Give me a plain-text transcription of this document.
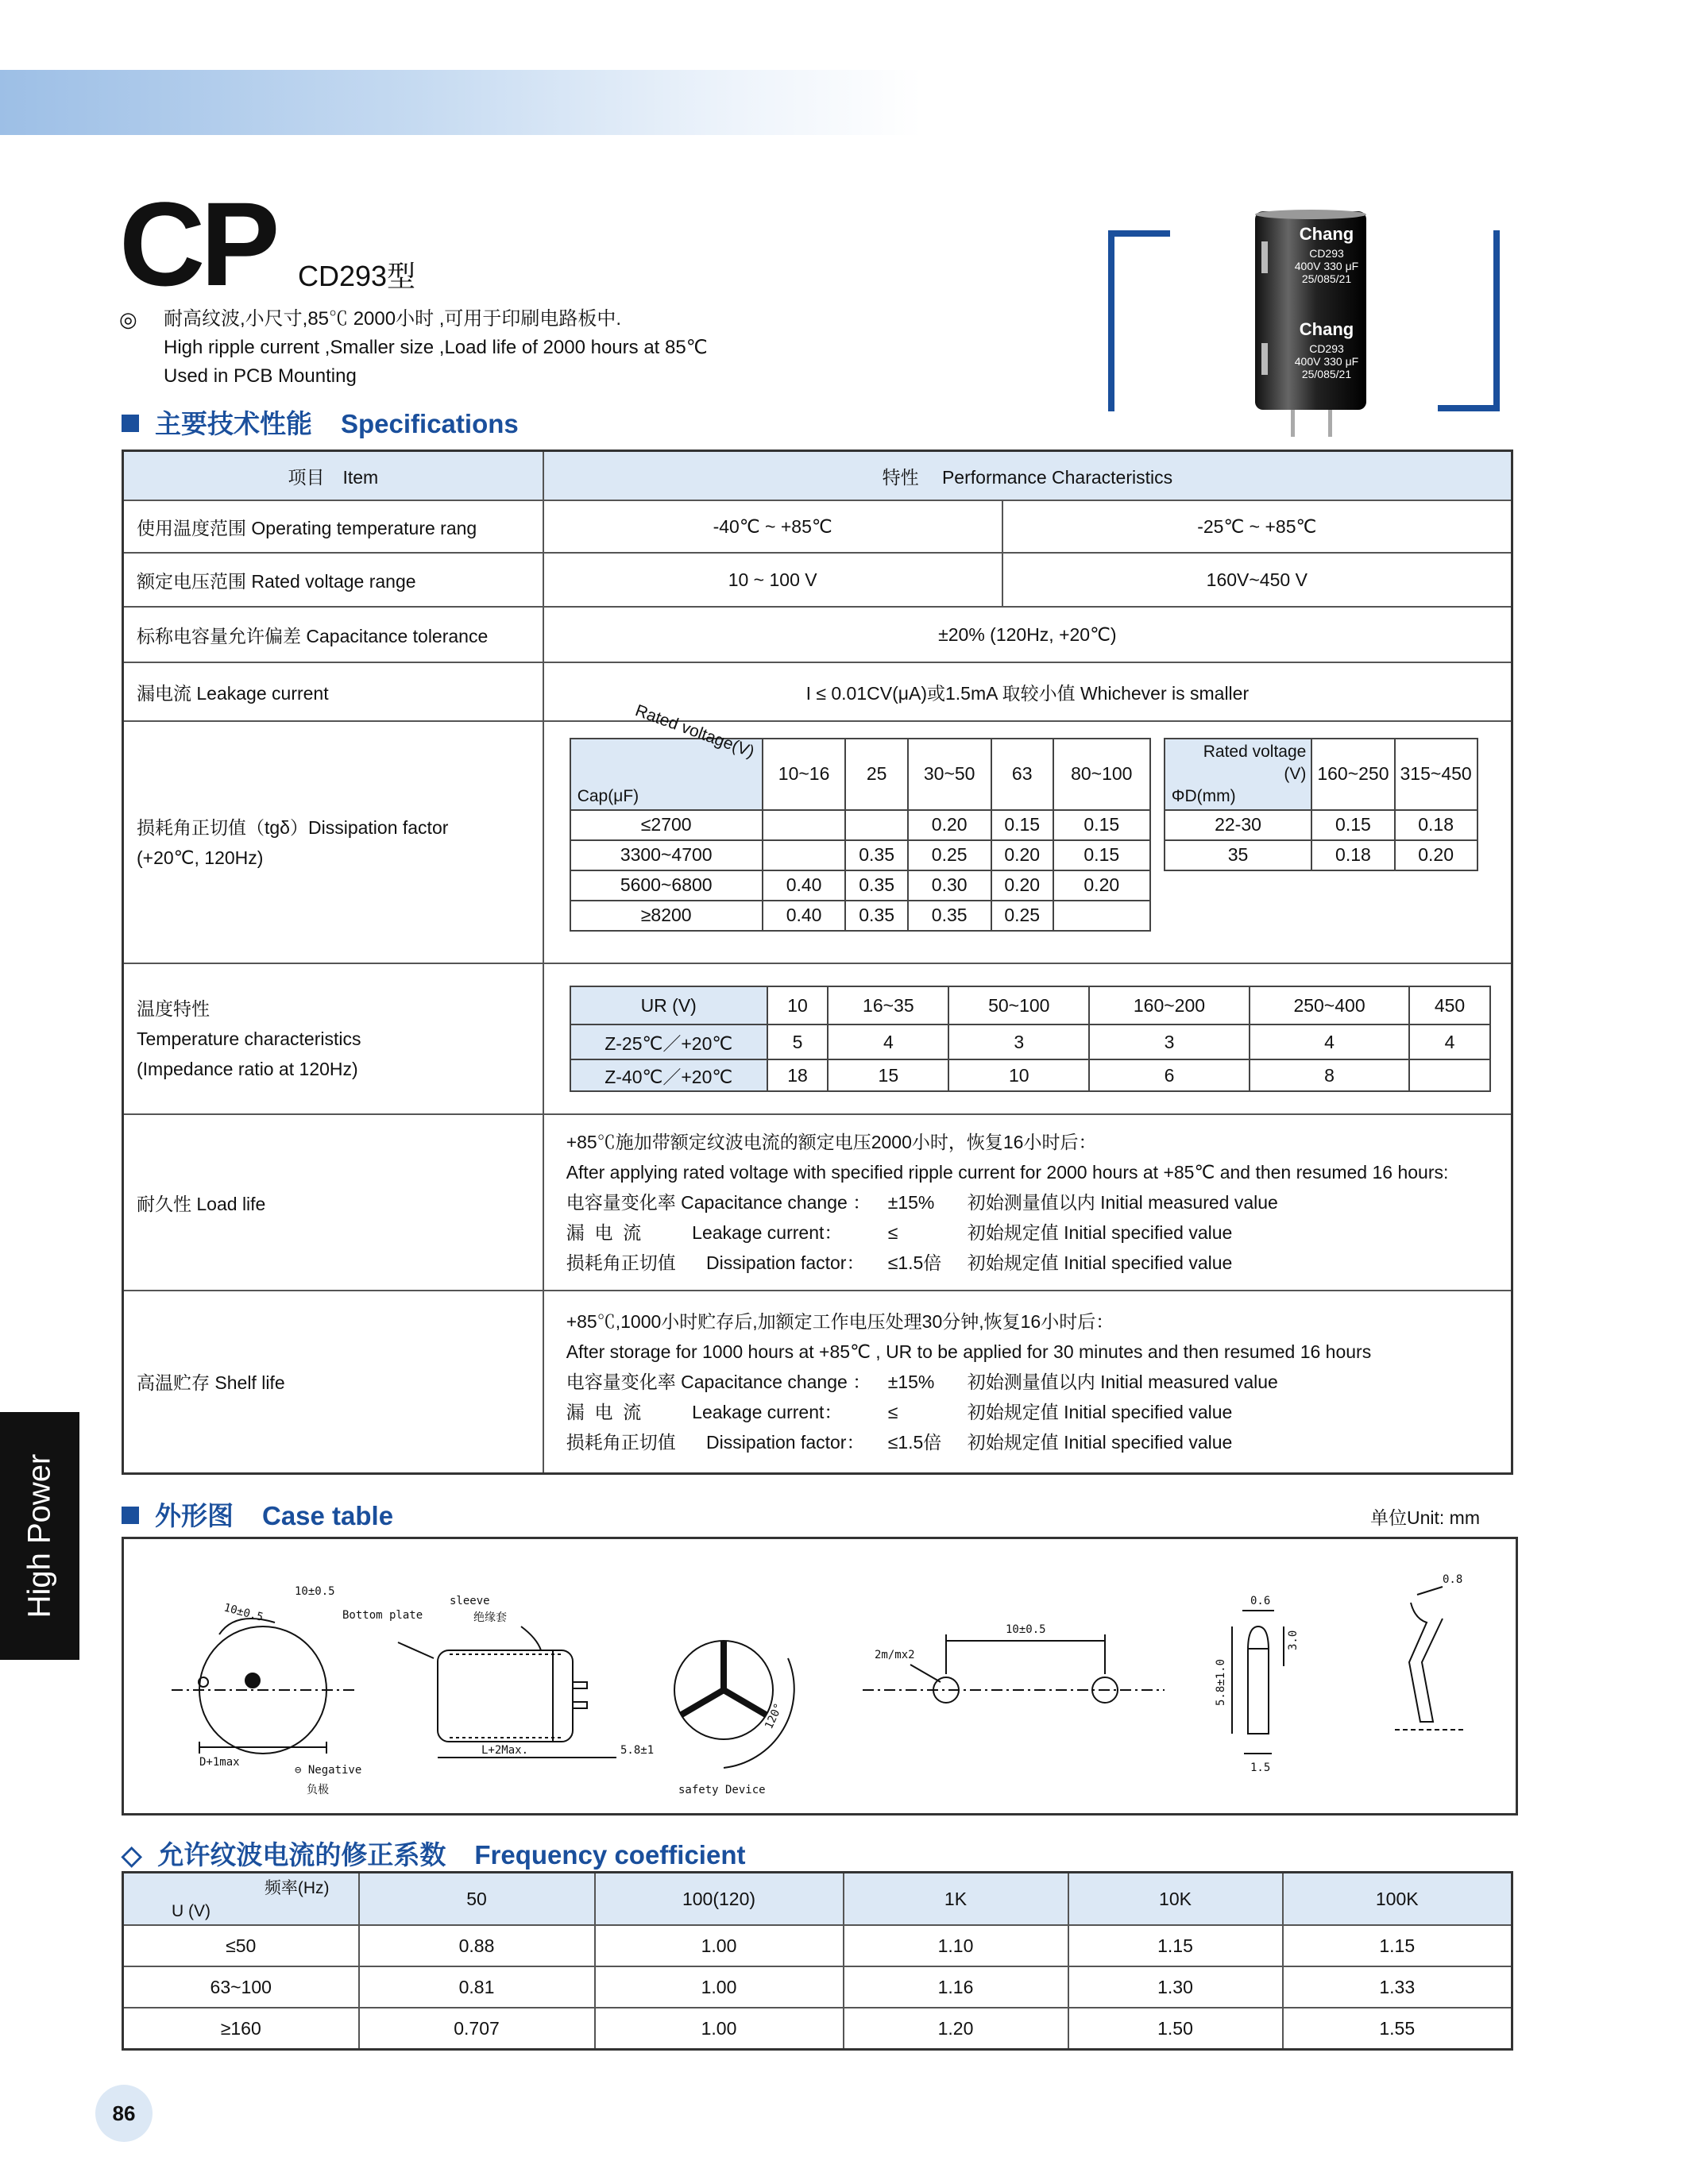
CP CD293型
◎ 耐高纹波,小尺寸,85℃ 2000小时 ,可用于印刷电路板中.
High ripple current ,Smaller size ,Load life of 2000 hours at 85℃
Used in PCB Mounting
Chang
CD293
400V 330 μF
25/085/21
Chang
CD293
400V 330 μF
25/085/21
主要技术性能 Specifications
项目　Item	特性　 Performance Characteristics
使用温度范围 Operating temperature rang	-40℃ ~ +85℃	-25℃ ~ +85℃
额定电压范围 Rated voltage range	10 ~ 100 V	160V~450 V
标称电容量允许偏差 Capacitance tolerance	±20% (120Hz, +20℃)
漏电流 Leakage current	I ≤ 0.01CV(μA)或1.5mA 取较小值 Whichever is smaller

损耗角正切值（tgδ）Dissipation factor
(+20℃, 120Hz)

Rated voltage(V)
Cap(μF)
	10~16	25	30~50	63	80~100
≤2700			0.20	0.15	0.15
3300~4700		0.35	0.25	0.20	0.15
5600~6800	0.40	0.35	0.30	0.20	0.20
≥8200	0.40	0.35	0.35	0.25	
Rated voltage (V)
ΦD(mm)
	160~250	315~450
22-30	0.15	0.18
35	0.18	0.20

温度特性
Temperature characteristics
(Impedance ratio at 120Hz)

UR (V)	10	16~35	50~100	160~200	250~400	450
Z-25℃／+20℃	5	4	3	3	4	4
Z-40℃／+20℃	18	15	10	6	8	

耐久性 Load life	
+85℃施加带额定纹波电流的额定电压2000小时，恢复16小时后：
After applying rated voltage with specified ripple current for 2000 hours at +85℃ and then resumed 16 hours:
电容量变化率 Capacitance change ： ±15% 初始测量值以内 Initial measured value
漏  电  流          Leakage current： ≤	初始规定值 Initial specified value
损耗角正切值      Dissipation factor： ≤1.5倍 初始规定值 Initial specified value

高温贮存 Shelf life	
+85℃,1000小时贮存后,加额定工作电压处理30分钟,恢复16小时后：
After storage for 1000 hours at +85℃ , UR to be applied for 30 minutes and then resumed 16 hours
电容量变化率 Capacitance change ： ±15% 初始测量值以内 Initial measured value
漏  电  流          Leakage current： ≤	初始规定值 Initial specified value
损耗角正切值      Dissipation factor： ≤1.5倍 初始规定值 Initial specified value
外形图 Case table	单位Unit: mm
10±0.5
10±0.5	Bottom plate
sleeve
绝缘套
D+1max
⊖ Negative
负极
L+2Max.	5.8±1
safety Device
120°
2m/mx2
10±0.5
0.6
3.0
5.8±1.0
1.5
0.8
◇ 允许纹波电流的修正系数 Frequency coefficient
频率(Hz)
U (V)	50	100(120)	1K	10K	100K
≤50	0.88	1.00	1.10	1.15	1.15
63~100	0.81	1.00	1.16	1.30	1.33
≥160	0.707	1.00	1.20	1.50	1.55
High Power
86
